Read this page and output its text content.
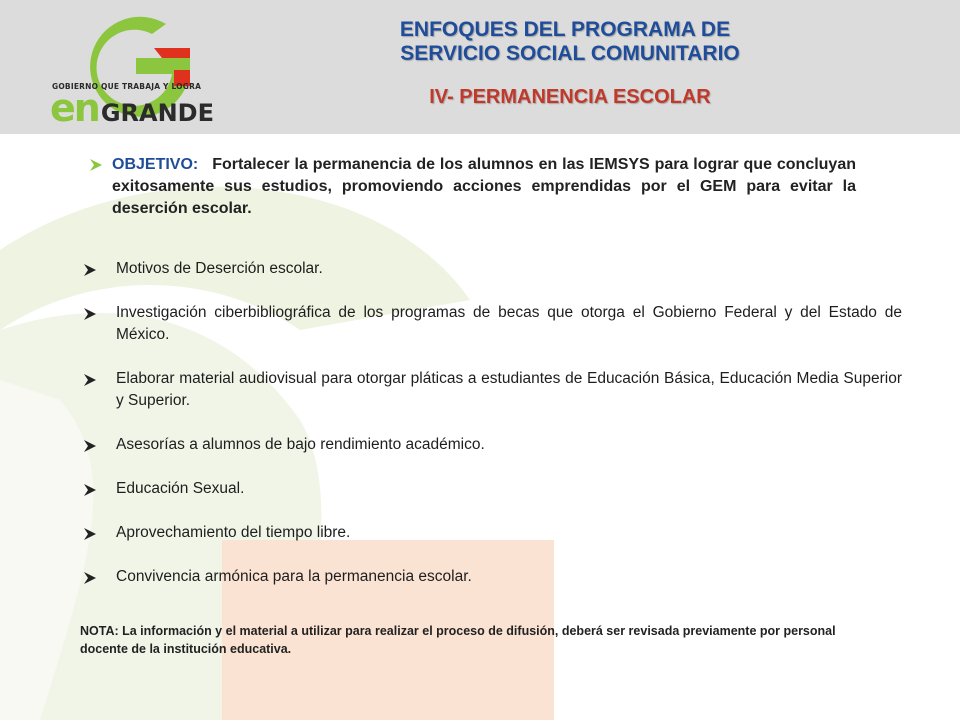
GOBIERNO QUE TRABAJA Y LOGRA
enGRANDE
ENFOQUES DEL PROGRAMA DE
SERVICIO SOCIAL COMUNITARIO
IV- PERMANENCIA ESCOLAR
OBJETIVO: Fortalecer la permanencia de los alumnos en las IEMSYS para lograr que concluyan exitosamente sus estudios, promoviendo acciones emprendidas por el GEM para evitar la deserción escolar.
Motivos de Deserción escolar.
Investigación ciberbibliográfica de los programas de becas que otorga el Gobierno Federal y del Estado de México.
Elaborar material audiovisual para otorgar pláticas a estudiantes de Educación Básica, Educación Media Superior y Superior.
Asesorías a alumnos de bajo rendimiento académico.
Educación Sexual.
Aprovechamiento del tiempo libre.
Convivencia armónica para la permanencia escolar.
NOTA: La información y el material a utilizar para realizar el proceso de difusión, deberá ser revisada previamente por personal docente de la institución educativa.
